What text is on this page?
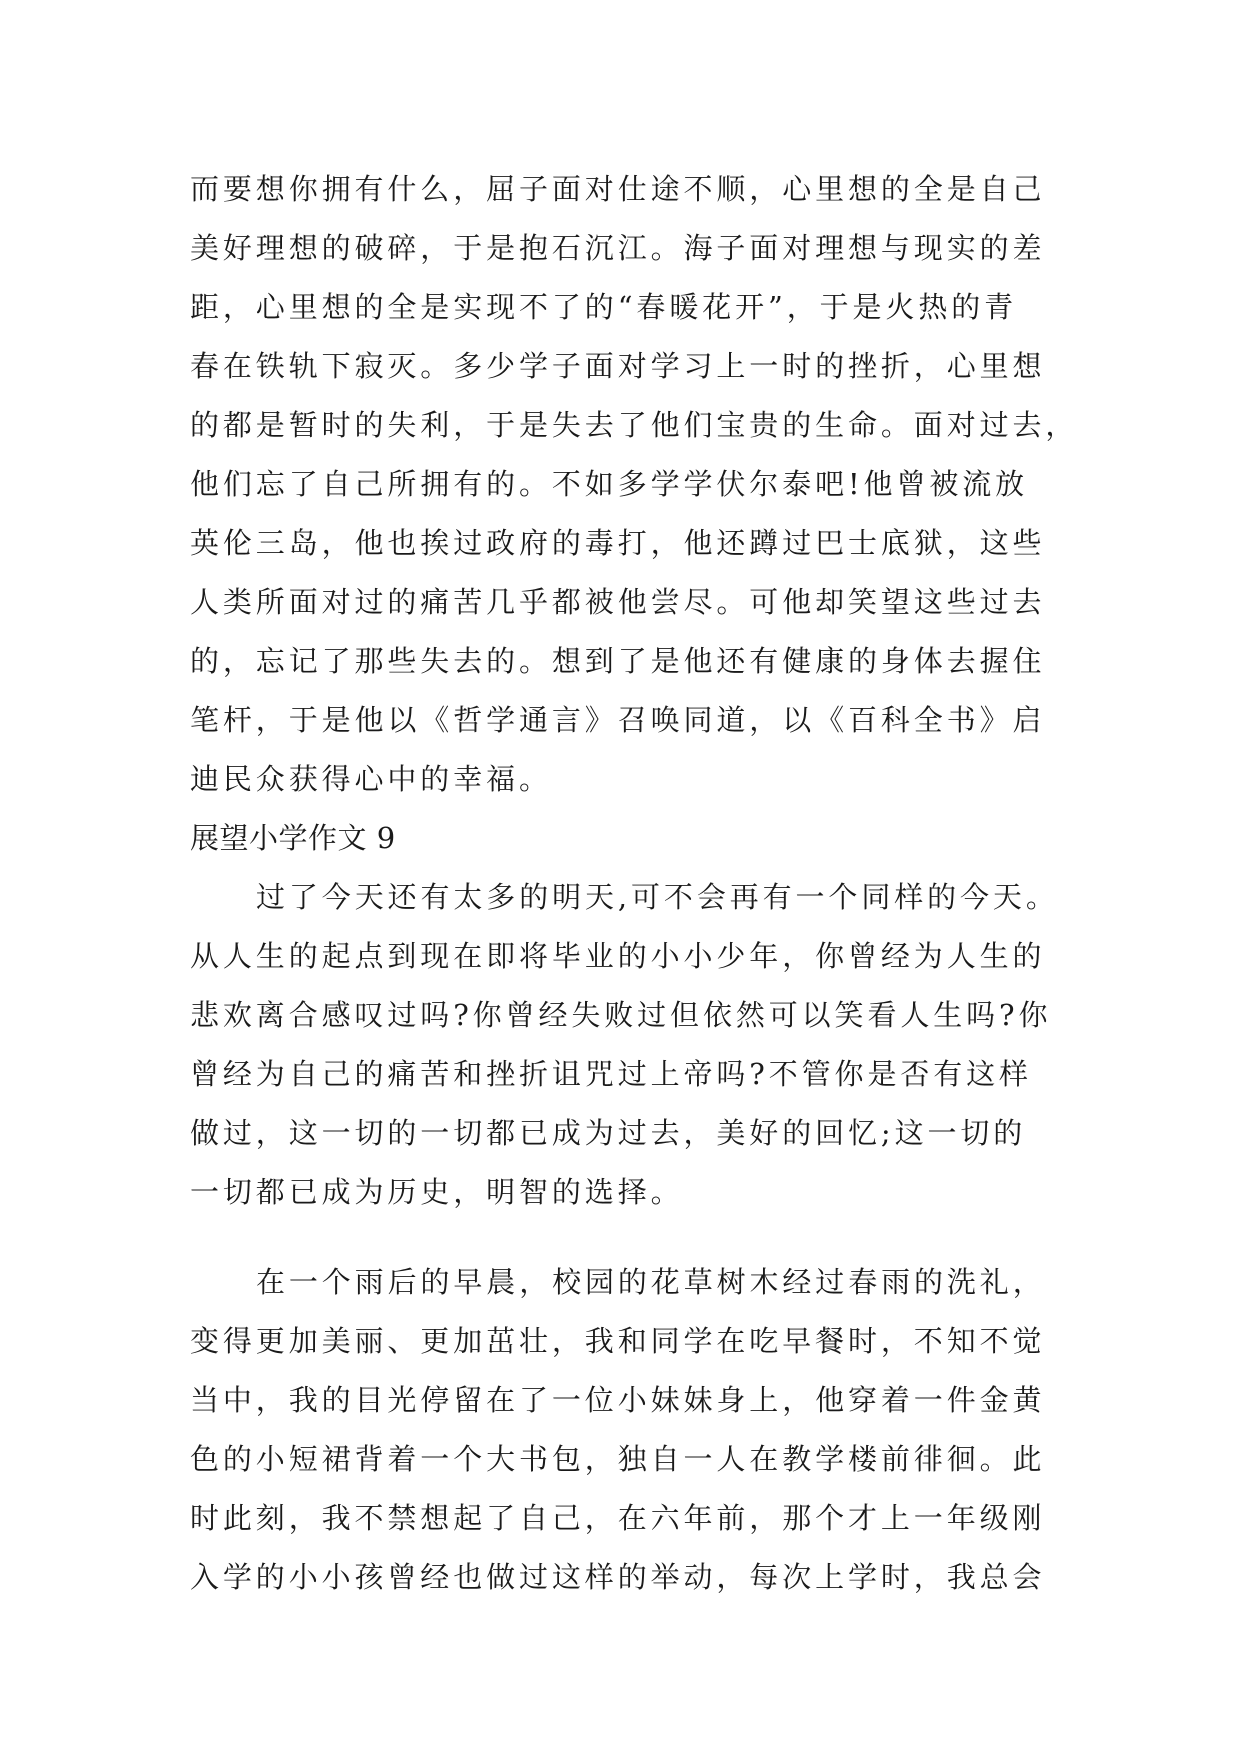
而要想你拥有什么，屈子面对仕途不顺，心里想的全是自己
美好理想的破碎，于是抱石沉江。海子面对理想与现实的差
距，心里想的全是实现不了的“春暖花开”，于是火热的青
春在铁轨下寂灭。多少学子面对学习上一时的挫折，心里想
的都是暂时的失利，于是失去了他们宝贵的生命。面对过去，
他们忘了自己所拥有的。不如多学学伏尔泰吧!他曾被流放
英伦三岛，他也挨过政府的毒打，他还蹲过巴士底狱，这些
人类所面对过的痛苦几乎都被他尝尽。可他却笑望这些过去
的，忘记了那些失去的。想到了是他还有健康的身体去握住
笔杆，于是他以《哲学通言》召唤同道，以《百科全书》启
迪民众获得心中的幸福。
展望小学作文 9
过了今天还有太多的明天,可不会再有一个同样的今天。
从人生的起点到现在即将毕业的小小少年，你曾经为人生的
悲欢离合感叹过吗?你曾经失败过但依然可以笑看人生吗?你
曾经为自己的痛苦和挫折诅咒过上帝吗?不管你是否有这样
做过，这一切的一切都已成为过去，美好的回忆;这一切的
一切都已成为历史，明智的选择。
在一个雨后的早晨，校园的花草树木经过春雨的洗礼，
变得更加美丽、更加茁壮，我和同学在吃早餐时，不知不觉
当中，我的目光停留在了一位小妹妹身上，他穿着一件金黄
色的小短裙背着一个大书包，独自一人在教学楼前徘徊。此
时此刻，我不禁想起了自己，在六年前，那个才上一年级刚
入学的小小孩曾经也做过这样的举动，每次上学时，我总会
